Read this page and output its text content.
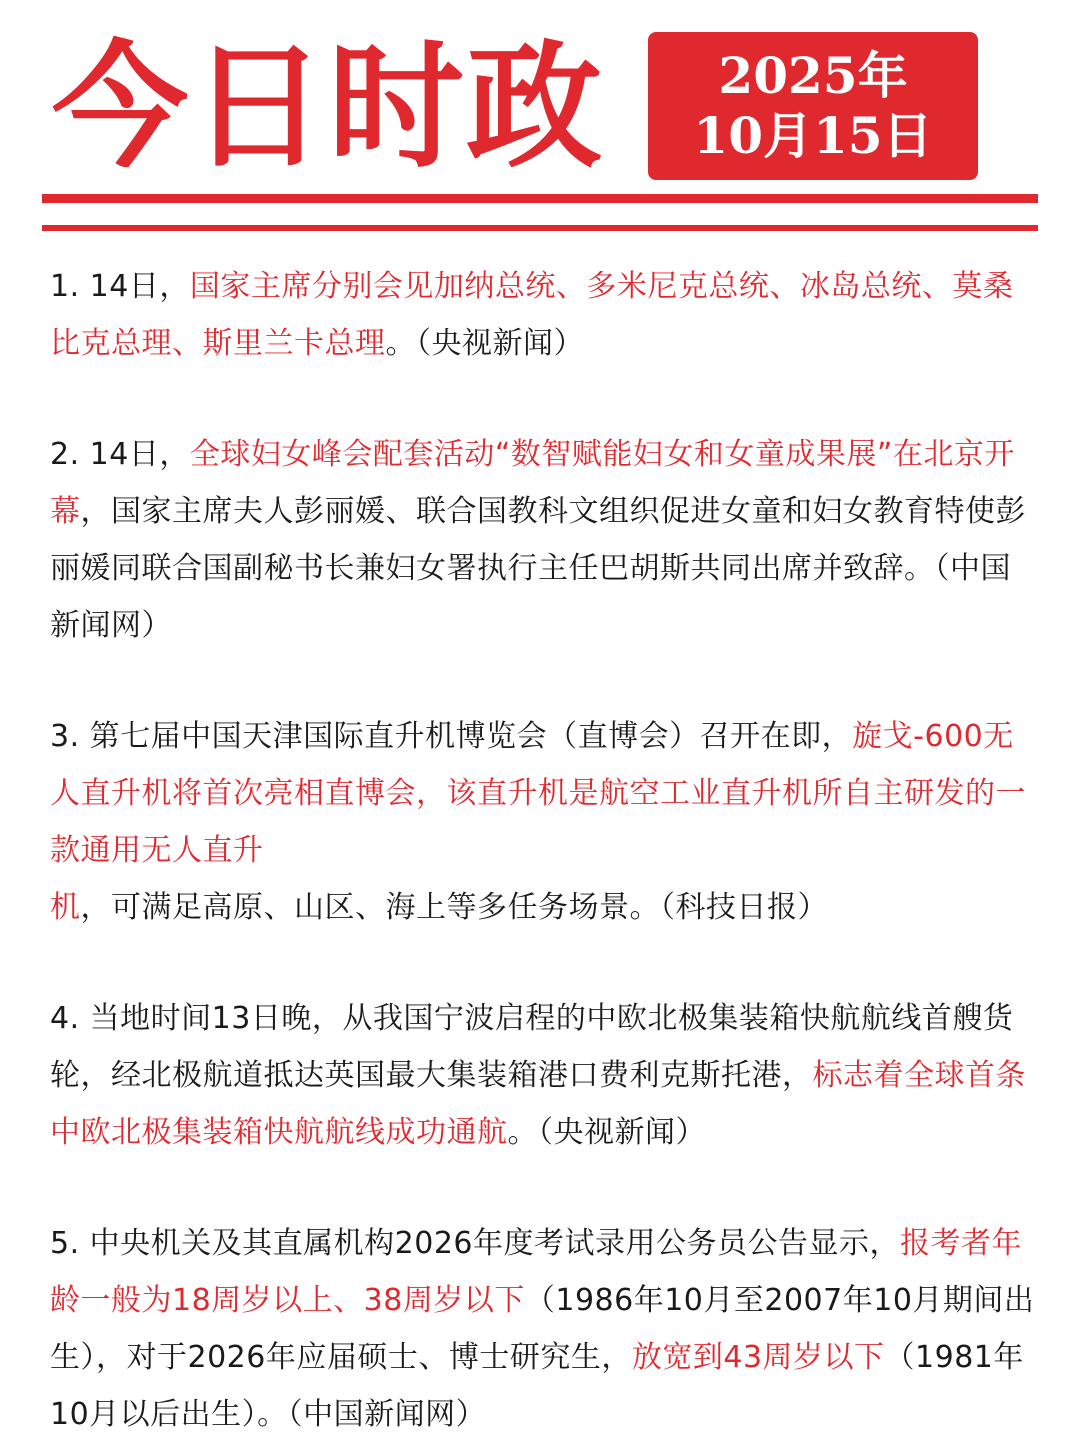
今日时政 2025年
10月15日

1. 14日，国家主席分别会见加纳总统、多米尼克总统、冰岛总统、莫桑比克总理、斯里兰卡总理。（央视新闻）

2. 14日，全球妇女峰会配套活动“数智赋能妇女和女童成果展”在北京开幕，国家主席夫人彭丽媛、联合国教科文组织促进女童和妇女教育特使彭丽媛同联合国副秘书长兼妇女署执行主任巴胡斯共同出席并致辞。（中国新闻网）

3. 第七届中国天津国际直升机博览会（直博会）召开在即，旋戈-600无人直升机将首次亮相直博会，该直升机是航空工业直升机所自主研发的一款通用无人直升机，可满足高原、山区、海上等多任务场景。（科技日报）

4. 当地时间13日晚，从我国宁波启程的中欧北极集装箱快航航线首艘货轮，经北极航道抵达英国最大集装箱港口费利克斯托港，标志着全球首条中欧北极集装箱快航航线成功通航。（央视新闻）

5. 中央机关及其直属机构2026年度考试录用公务员公告显示，报考者年龄一般为18周岁以上、38周岁以下（1986年10月至2007年10月期间出生），对于2026年应届硕士、博士研究生，放宽到43周岁以下（1981年10月以后出生）。（中国新闻网）
